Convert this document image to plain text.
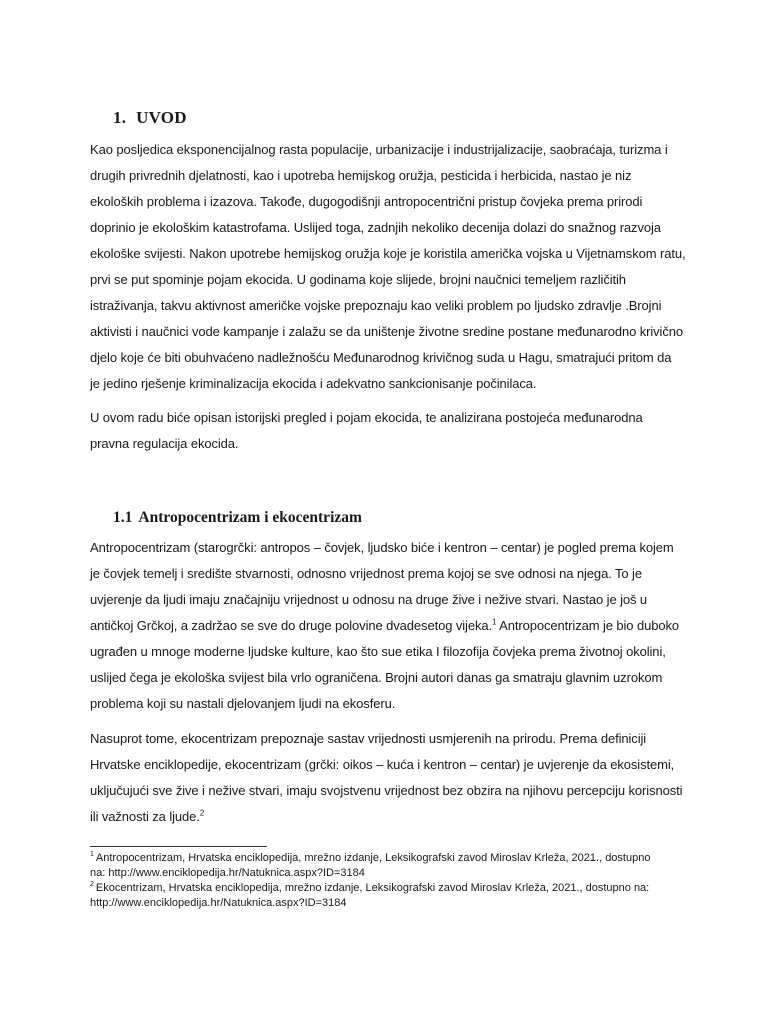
1. UVOD
Kao posljedica eksponencijalnog rasta populacije, urbanizacije i industrijalizacije, saobraćaja, turizma i
drugih privrednih djelatnosti, kao i upotreba hemijskog oružja, pesticida i herbicida, nastao je niz
ekoloških problema i izazova. Takođe, dugogodišnji antropocentrični pristup čovjeka prema prirodi
doprinio je ekološkim katastrofama. Uslijed toga, zadnjih nekoliko decenija dolazi do snažnog razvoja
ekološke svijesti. Nakon upotrebe hemijskog oružja koje je koristila američka vojska u Vijetnamskom ratu,
prvi se put spominje pojam ekocida. U godinama koje slijede, brojni naučnici temeljem različitih
istraživanja, takvu aktivnost američke vojske prepoznaju kao veliki problem po ljudsko zdravlje .Brojni
aktivisti i naučnici vode kampanje i zalažu se da uništenje životne sredine postane međunarodno krivično
djelo koje će biti obuhvaćeno nadležnošću Međunarodnog krivičnog suda u Hagu, smatrajući pritom da
je jedino rješenje kriminalizacija ekocida i adekvatno sankcionisanje počinilaca.
U ovom radu biće opisan istorijski pregled i pojam ekocida, te analizirana postojeća međunarodna
pravna regulacija ekocida.
1.1 Antropocentrizam i ekocentrizam
Antropocentrizam (starogrčki: antropos – čovjek, ljudsko biće i kentron – centar) je pogled prema kojem
je čovjek temelj i središte stvarnosti, odnosno vrijednost prema kojoj se sve odnosi na njega. To je
uvjerenje da ljudi imaju značajniju vrijednost u odnosu na druge žive i nežive stvari. Nastao je još u
antičkoj Grčkoj, a zadržao se sve do druge polovine dvadesetog vijeka.$^1$ Antropocentrizam je bio duboko
ugrađen u mnoge moderne ljudske kulture, kao što sue etika I filozofija čovjeka prema životnoj okolini,
uslijed čega je ekološka svijest bila vrlo ograničena. Brojni autori danas ga smatraju glavnim uzrokom
problema koji su nastali djelovanjem ljudi na ekosferu.
Nasuprot tome, ekocentrizam prepoznaje sastav vrijednosti usmjerenih na prirodu. Prema definiciji
Hrvatske enciklopedije, ekocentrizam (grčki: oikos – kuća i kentron – centar) je uvjerenje da ekosistemi,
uključujući sve žive i nežive stvari, imaju svojstvenu vrijednost bez obzira na njihovu percepciju korisnosti
ili važnosti za ljude.$^2$
$^1$ Antropocentrizam, Hrvatska enciklopedija, mrežno izdanje, Leksikografski zavod Miroslav Krleža, 2021., dostupno
na: http://www.enciklopedija.hr/Natuknica.aspx?ID=3184
$^2$ Ekocentrizam, Hrvatska enciklopedija, mrežno izdanje, Leksikografski zavod Miroslav Krleža, 2021., dostupno na:
http://www.enciklopedija.hr/Natuknica.aspx?ID=3184
